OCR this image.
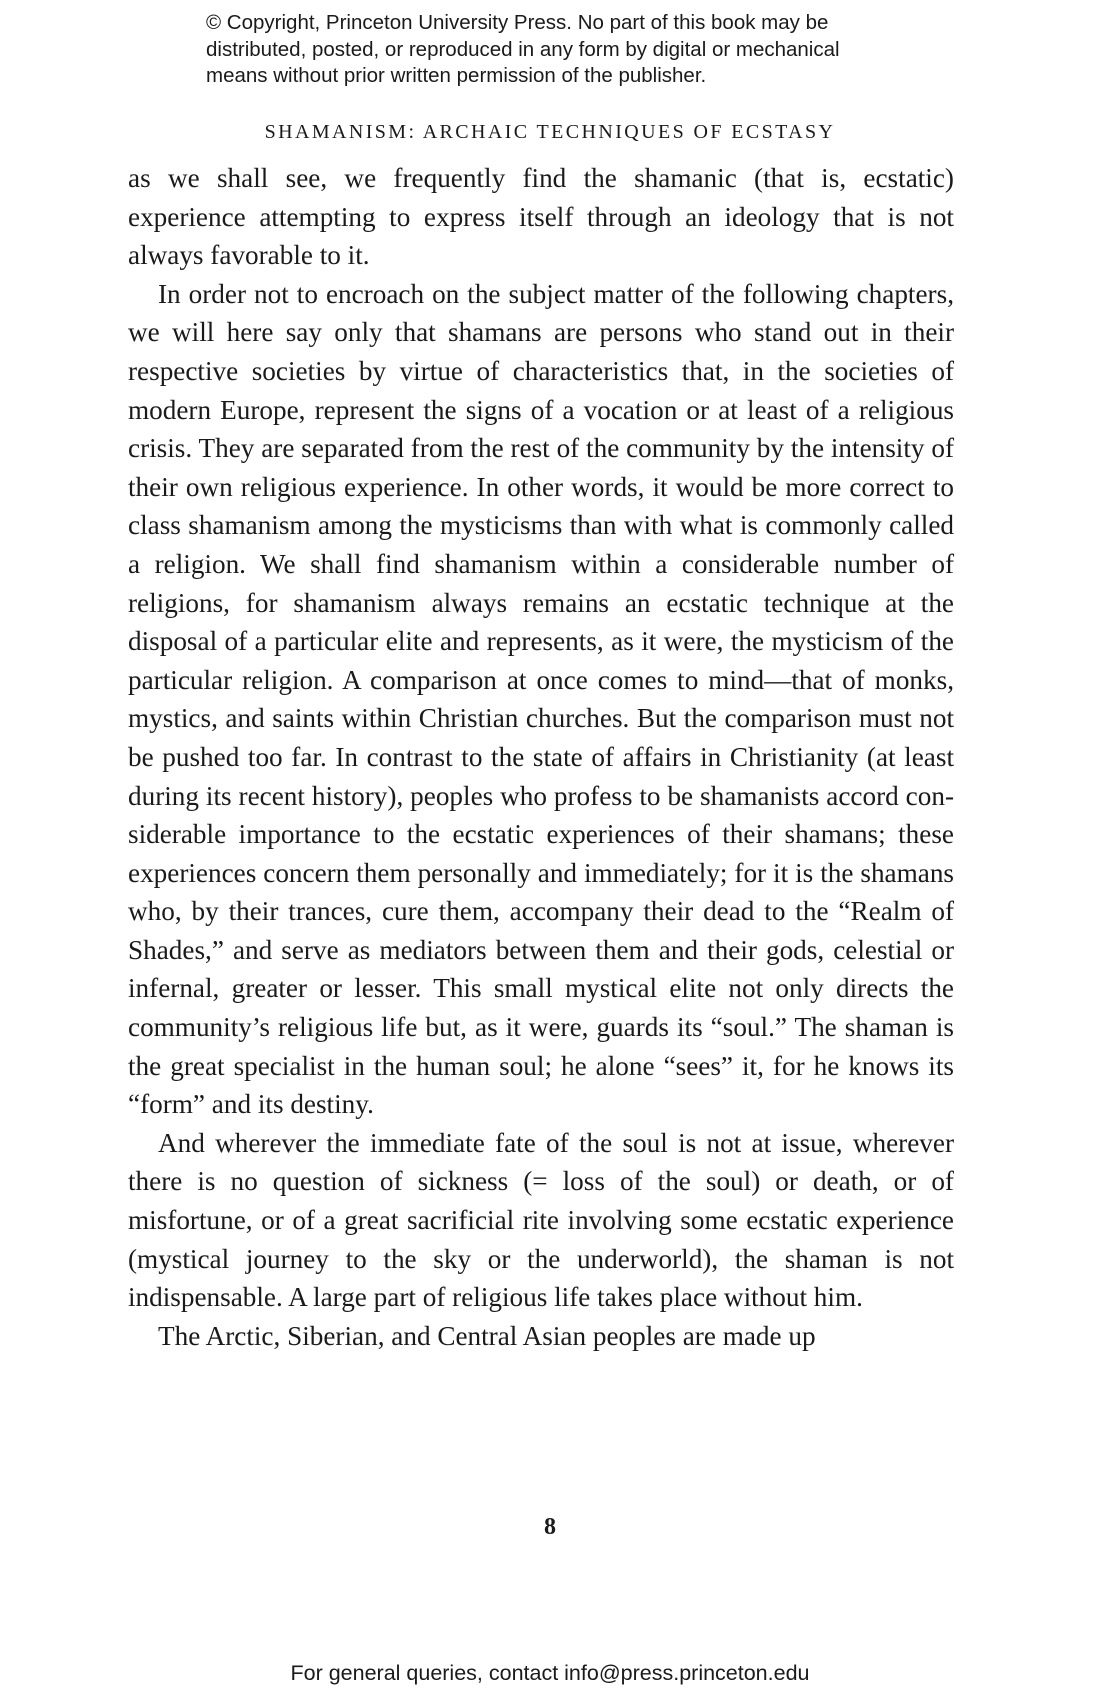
© Copyright, Princeton University Press. No part of this book may be
distributed, posted, or reproduced in any form by digital or mechanical
means without prior written permission of the publisher.
SHAMANISM: ARCHAIC TECHNIQUES OF ECSTASY

as we shall see, we frequently find the shamanic (that is, ecstatic) experience attempting to express itself through an ideology that is not always favorable to it.

In order not to encroach on the subject matter of the following chapters, we will here say only that shamans are persons who stand out in their respective societies by virtue of characteristics that, in the societies of modern Europe, represent the signs of a vocation or at least of a religious crisis. They are separated from the rest of the community by the intensity of their own religious experience. In other words, it would be more correct to class shamanism among the mysticisms than with what is commonly called a religion. We shall find shamanism within a considerable number of religions, for shamanism always remains an ecstatic technique at the disposal of a particular elite and represents, as it were, the mysticism of the particular religion. A comparison at once comes to mind—that of monks, mystics, and saints within Christian churches. But the comparison must not be pushed too far. In contrast to the state of affairs in Christianity (at least during its recent history), peoples who profess to be shamanists accord considerable importance to the ecstatic experiences of their shamans; these experiences concern them personally and immediately; for it is the shamans who, by their trances, cure them, accompany their dead to the “Realm of Shades,” and serve as mediators between them and their gods, celestial or infernal, greater or lesser. This small mystical elite not only directs the community’s religious life but, as it were, guards its “soul.” The shaman is the great specialist in the human soul; he alone “sees” it, for he knows its “form” and its destiny.

And wherever the immediate fate of the soul is not at issue, wherever there is no question of sickness (= loss of the soul) or death, or of misfortune, or of a great sacrificial rite involving some ecstatic experience (mystical journey to the sky or the underworld), the shaman is not indispensable. A large part of religious life takes place without him.

The Arctic, Siberian, and Central Asian peoples are made up

8
For general queries, contact info@press.princeton.edu
